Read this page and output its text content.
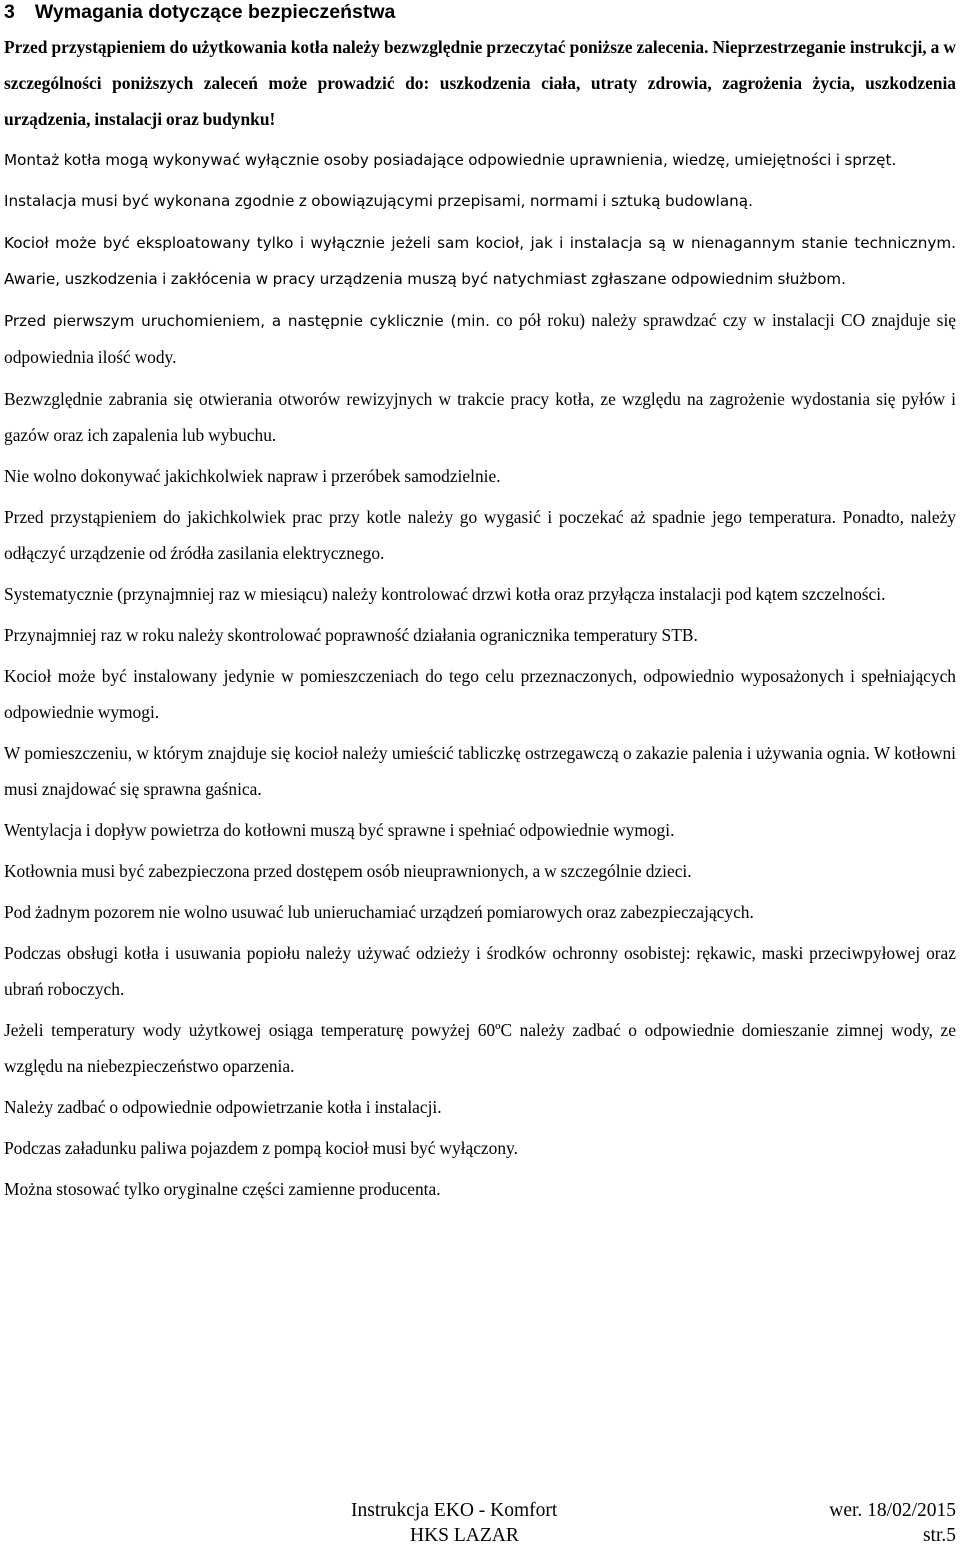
3 Wymagania dotyczące bezpieczeństwa

Przed przystąpieniem do użytkowania kotła należy bezwzględnie przeczytać poniższe zalecenia. Nieprzestrzeganie instrukcji, a w szczególności poniższych zaleceń może prowadzić do: uszkodzenia ciała, utraty zdrowia, zagrożenia życia, uszkodzenia urządzenia, instalacji oraz budynku!

Montaż kotła mogą wykonywać wyłącznie osoby posiadające odpowiednie uprawnienia, wiedzę, umiejętności i sprzęt.

Instalacja musi być wykonana zgodnie z obowiązującymi przepisami, normami i sztuką budowlaną.

Kocioł może być eksploatowany tylko i wyłącznie jeżeli sam kocioł, jak i instalacja są w nienagannym stanie technicznym. Awarie, uszkodzenia i zakłócenia w pracy urządzenia muszą być natychmiast zgłaszane odpowiednim służbom.

Przed pierwszym uruchomieniem, a następnie cyklicznie (min. co pół roku) należy sprawdzać czy w instalacji CO znajduje się odpowiednia ilość wody.

Bezwzględnie zabrania się otwierania otworów rewizyjnych w trakcie pracy kotła, ze względu na zagrożenie wydostania się pyłów i gazów oraz ich zapalenia lub wybuchu.

Nie wolno dokonywać jakichkolwiek napraw i przeróbek samodzielnie.

Przed przystąpieniem do jakichkolwiek prac przy kotle należy go wygasić i poczekać aż spadnie jego temperatura. Ponadto, należy odłączyć urządzenie od źródła zasilania elektrycznego.

Systematycznie (przynajmniej raz w miesiącu) należy kontrolować drzwi kotła oraz przyłącza instalacji pod kątem szczelności.

Przynajmniej raz w roku należy skontrolować poprawność działania ogranicznika temperatury STB.

Kocioł może być instalowany jedynie w pomieszczeniach do tego celu przeznaczonych, odpowiednio wyposażonych i spełniających odpowiednie wymogi.

W pomieszczeniu, w którym znajduje się kocioł należy umieścić tabliczkę ostrzegawczą o zakazie palenia i używania ognia. W kotłowni musi znajdować się sprawna gaśnica.

Wentylacja i dopływ powietrza do kotłowni muszą być sprawne i spełniać odpowiednie wymogi.

Kotłownia musi być zabezpieczona przed dostępem osób nieuprawnionych, a w szczególnie dzieci.

Pod żadnym pozorem nie wolno usuwać lub unieruchamiać urządzeń pomiarowych oraz zabezpieczających.

Podczas obsługi kotła i usuwania popiołu należy używać odzieży i środków ochronny osobistej: rękawic, maski przeciwpyłowej oraz ubrań roboczych.

Jeżeli temperatury wody użytkowej osiąga temperaturę powyżej 60ºC należy zadbać o odpowiednie domieszanie zimnej wody, ze względu na niebezpieczeństwo oparzenia.

Należy zadbać o odpowiednie odpowietrzanie kotła i instalacji.

Podczas załadunku paliwa pojazdem z pompą kocioł musi być wyłączony.

Można stosować tylko oryginalne części zamienne producenta.

Instrukcja EKO - Komfort
HKS LAZAR
wer. 18/02/2015
str.5
